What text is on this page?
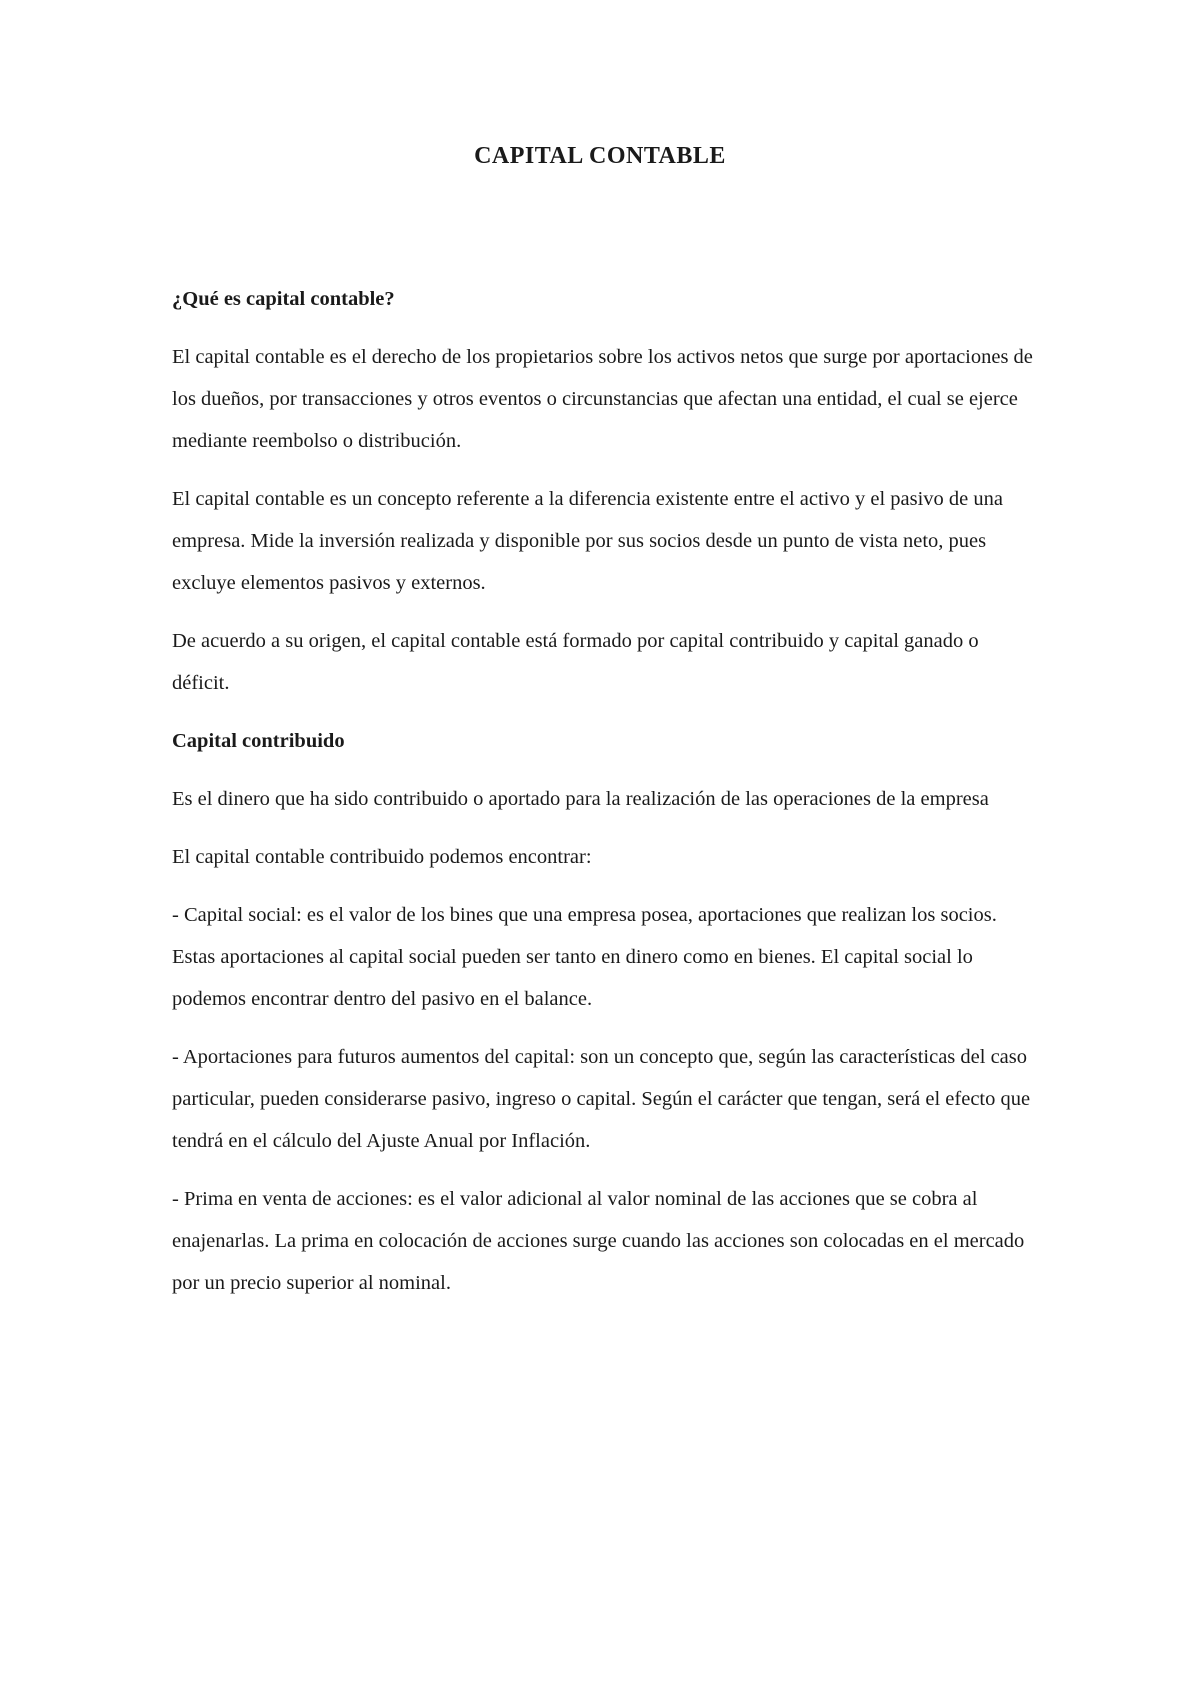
CAPITAL CONTABLE
¿Qué es capital contable?

El capital contable es el derecho de los propietarios sobre los activos netos que surge por aportaciones de los dueños, por transacciones y otros eventos o circunstancias que afectan una entidad, el cual se ejerce mediante reembolso o distribución.

El capital contable es un concepto referente a la diferencia existente entre el activo y el pasivo de una empresa. Mide la inversión realizada y disponible por sus socios desde un punto de vista neto, pues excluye elementos pasivos y externos.

De acuerdo a su origen, el capital contable está formado por capital contribuido y capital ganado o déficit.

Capital contribuido

Es el dinero que ha sido contribuido o aportado para la realización de las operaciones de la empresa

El capital contable contribuido podemos encontrar:

- Capital social: es el valor de los bines que una empresa posea, aportaciones que realizan los socios. Estas aportaciones al capital social pueden ser tanto en dinero como en bienes. El capital social lo podemos encontrar dentro del pasivo en el balance.

- Aportaciones para futuros aumentos del capital: son un concepto que, según las características del caso particular, pueden considerarse pasivo, ingreso o capital. Según el carácter que tengan, será el efecto que tendrá en el cálculo del Ajuste Anual por Inflación.

- Prima en venta de acciones: es el valor adicional al valor nominal de las acciones que se cobra al enajenarlas. La prima en colocación de acciones surge cuando las acciones son colocadas en el mercado por un precio superior al nominal.
